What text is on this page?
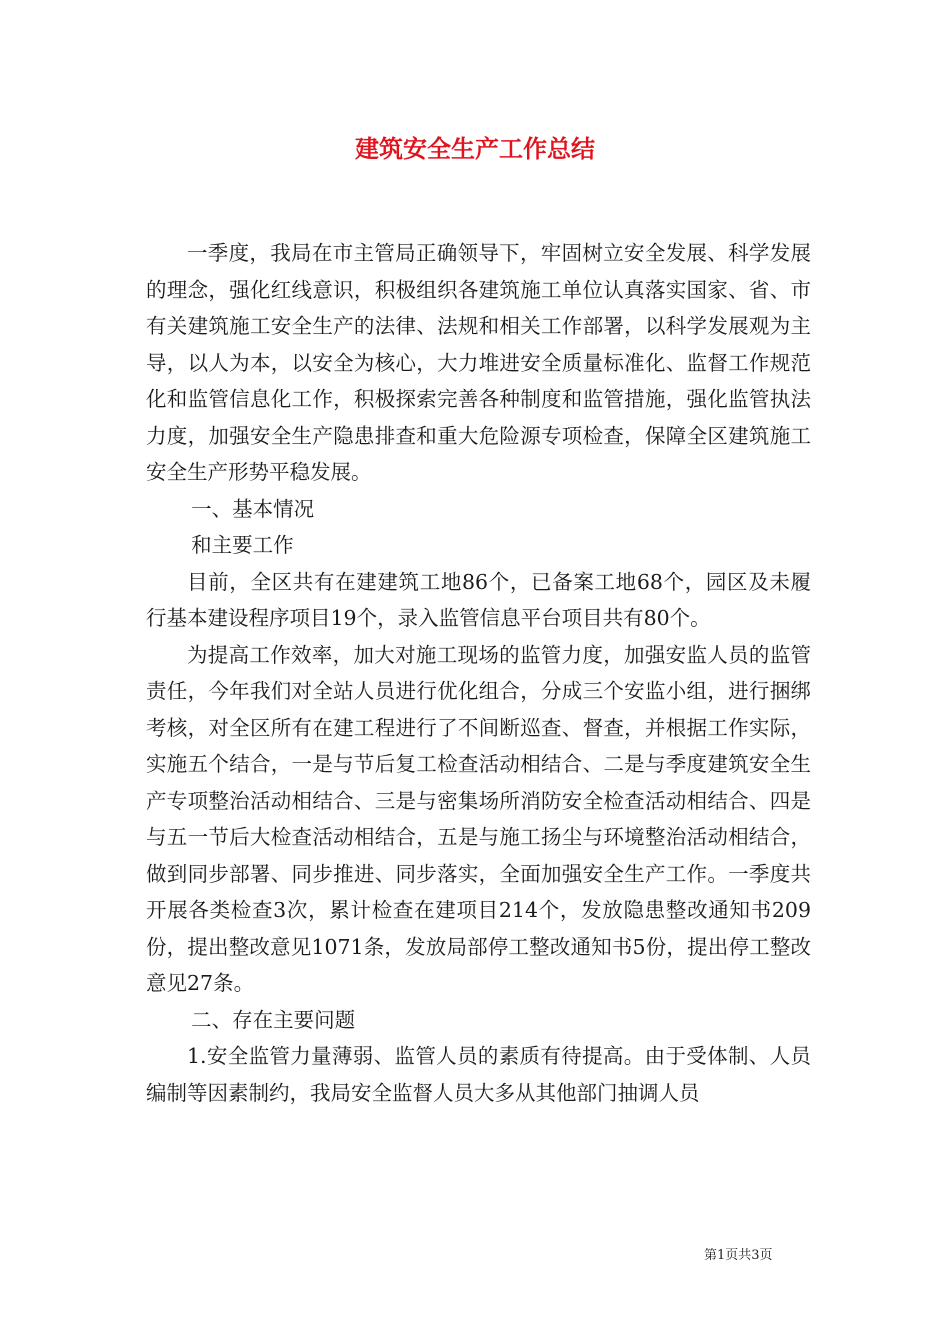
建筑安全生产工作总结

一季度，我局在市主管局正确领导下，牢固树立安全发展、科学发展的理念，强化红线意识，积极组织各建筑施工单位认真落实国家、省、市有关建筑施工安全生产的法律、法规和相关工作部署，以科学发展观为主导，以人为本，以安全为核心，大力堆进安全质量标准化、监督工作规范化和监管信息化工作，积极探索完善各种制度和监管措施，强化监管执法力度，加强安全生产隐患排查和重大危险源专项检查，保障全区建筑施工安全生产形势平稳发展。

一、基本情况

和主要工作

目前，全区共有在建建筑工地86个，已备案工地68个，园区及未履行基本建设程序项目19个，录入监管信息平台项目共有80个。

为提高工作效率，加大对施工现场的监管力度，加强安监人员的监管责任，今年我们对全站人员进行优化组合，分成三个安监小组，进行捆绑考核，对全区所有在建工程进行了不间断巡查、督查，并根据工作实际，实施五个结合，一是与节后复工检查活动相结合、二是与季度建筑安全生产专项整治活动相结合、三是与密集场所消防安全检查活动相结合、四是与五一节后大检查活动相结合，五是与施工扬尘与环境整治活动相结合，做到同步部署、同步推进、同步落实，全面加强安全生产工作。一季度共开展各类检查3次，累计检查在建项目214个，发放隐患整改通知书209份，提出整改意见1071条，发放局部停工整改通知书5份，提出停工整改意见27条。

二、存在主要问题

1.安全监管力量薄弱、监管人员的素质有待提高。由于受体制、人员编制等因素制约，我局安全监督人员大多从其他部门抽调人员

第1页共3页
